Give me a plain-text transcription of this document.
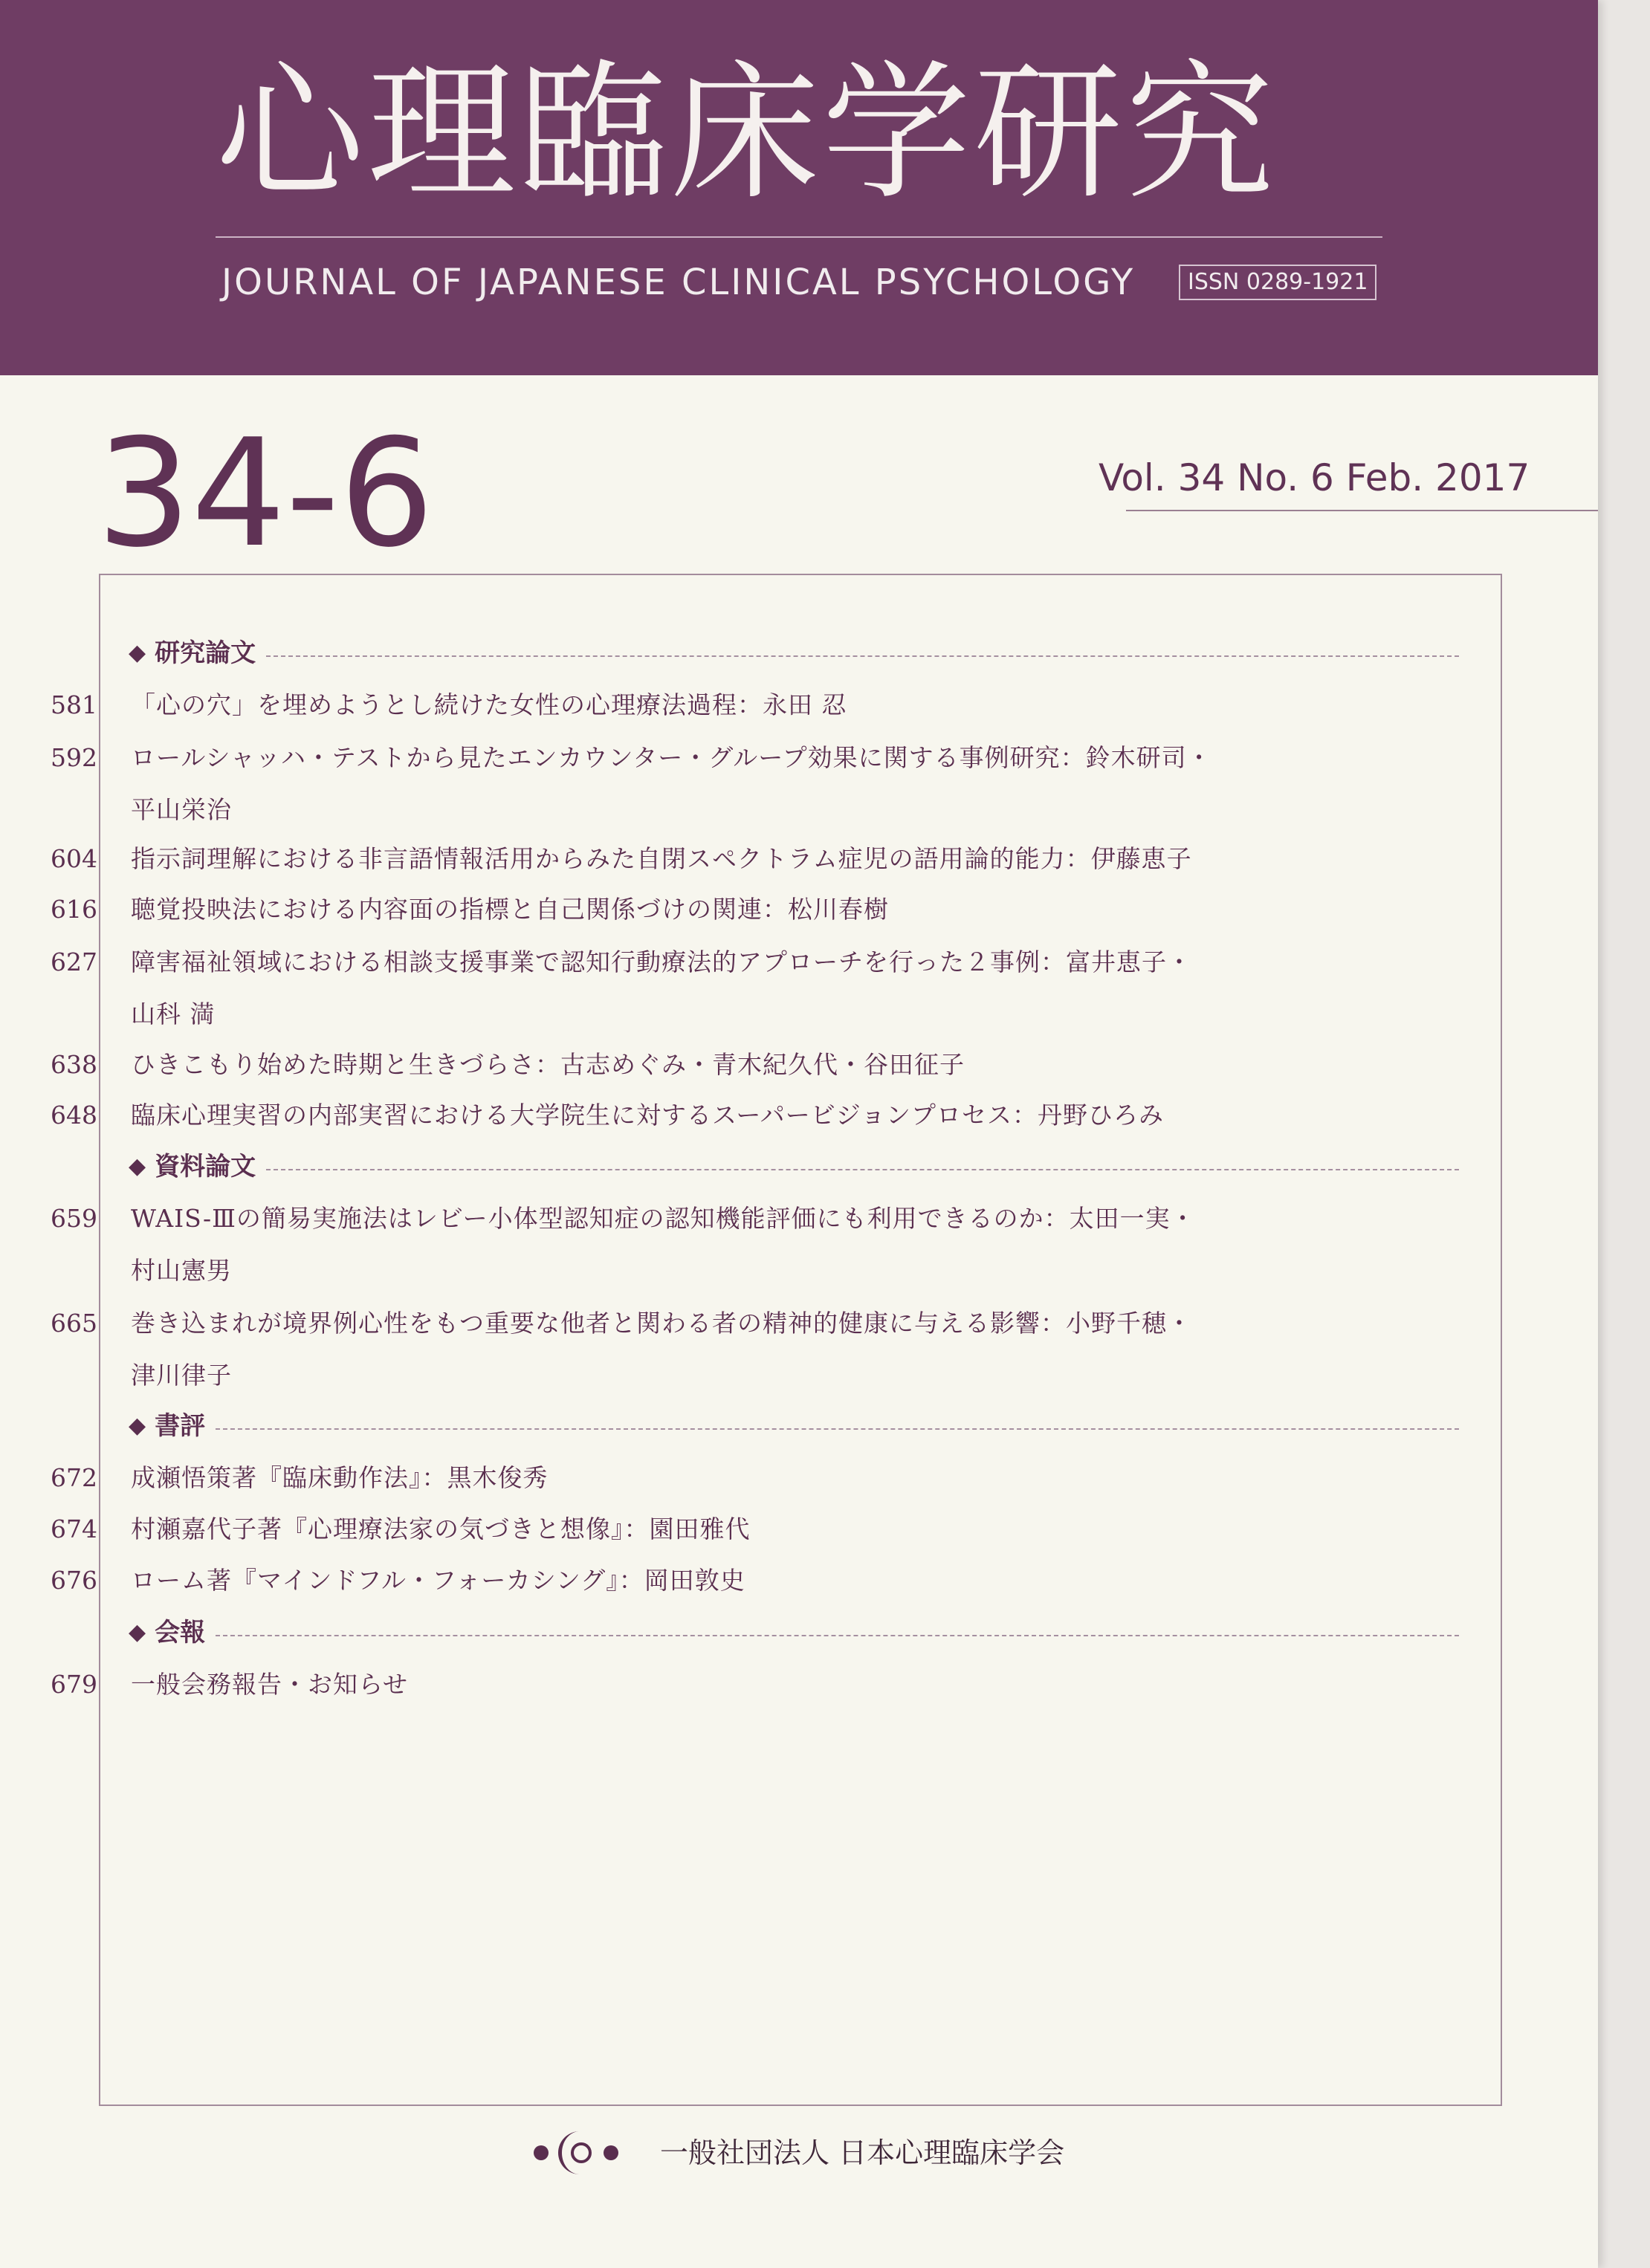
心理臨床学研究
JOURNAL OF JAPANESE CLINICAL PSYCHOLOGY	ISSN 0289-1921
34-6	Vol. 34 No. 6 Feb. 2017
◆ 研究論文
581	「心の穴」を埋めようとし続けた女性の心理療法過程：永田 忍
592	ロールシャッハ・テストから見たエンカウンター・グループ効果に関する事例研究：鈴木研司・
平山栄治
604	指示詞理解における非言語情報活用からみた自閉スペクトラム症児の語用論的能力：伊藤恵子
616	聴覚投映法における内容面の指標と自己関係づけの関連：松川春樹
627	障害福祉領域における相談支援事業で認知行動療法的アプローチを行った２事例：富井恵子・
山科 満
638	ひきこもり始めた時期と生きづらさ：古志めぐみ・青木紀久代・谷田征子
648	臨床心理実習の内部実習における大学院生に対するスーパービジョンプロセス：丹野ひろみ
◆ 資料論文
659	WAIS-Ⅲの簡易実施法はレビー小体型認知症の認知機能評価にも利用できるのか：太田一実・
村山憲男
665	巻き込まれが境界例心性をもつ重要な他者と関わる者の精神的健康に与える影響：小野千穂・
津川律子
◆ 書評
672	成瀬悟策著『臨床動作法』：黒木俊秀
674	村瀬嘉代子著『心理療法家の気づきと想像』：園田雅代
676	ローム著『マインドフル・フォーカシング』：岡田敦史
◆ 会報
679	一般会務報告・お知らせ
一般社団法人 日本心理臨床学会
